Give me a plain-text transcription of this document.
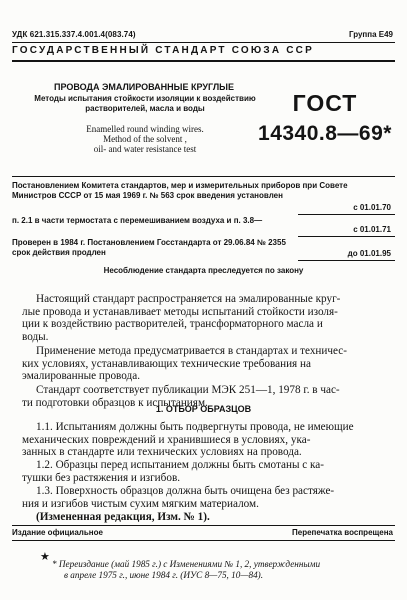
УДК 621.315.337.4.001.4(083.74)	Группа Е49
ГОСУДАРСТВЕННЫЙ СТАНДАРТ СОЮЗА ССР
ПРОВОДА ЭМАЛИРОВАННЫЕ КРУГЛЫЕ
Методы испытания стойкости изоляции к воздействию
растворителей, масла и воды
Enamelled round winding wires.
Method of the solvent ,
oil- and water resistance test
ГОСТ
14340.8—69*
Постановлением Комитета стандартов, мер и измерительных приборов при Совете
Министров СССР от 15 мая 1969 г. № 563 срок введения установлен
с 01.01.70
п. 2.1 в части термостата с перемешиванием воздуха и п. 3.8—
с 01.01.71
Проверен в 1984 г. Постановлением Госстандарта от 29.06.84 № 2355
срок действия продлен	до 01.01.95
Несоблюдение стандарта преследуется по закону
Настоящий стандарт распространяется на эмалированные круг-
лые провода и устанавливает методы испытаний стойкости изоля-
ции к воздействию растворителей, трансформаторного масла и
воды.
Применение метода предусматривается в стандартах и техничес-
ких условиях, устанавливающих технические требования на
эмалированные провода.
Стандарт соответствует публикации МЭК 251—1, 1978 г. в час-
ти подготовки образцов к испытаниям.
1. ОТБОР ОБРАЗЦОВ
1.1. Испытаниям должны быть подвергнуты провода, не имеющие
механических повреждений и хранившиеся в условиях, ука-
занных в стандарте или технических условиях на провода.
1.2. Образцы перед испытанием должны быть смотаны с ка-
тушки без растяжения и изгибов.
1.3. Поверхность образцов должна быть очищена без растяже-
ния и изгибов чистым сухим мягким материалом.
(Измененная редакция, Изм. № 1).
Издание официальное	Перепечатка воспрещена
★
* Переиздание (май 1985 г.) с Изменениями № 1, 2, утвержденными
в апреле 1975 г., июне 1984 г. (ИУС 8—75, 10—84).
